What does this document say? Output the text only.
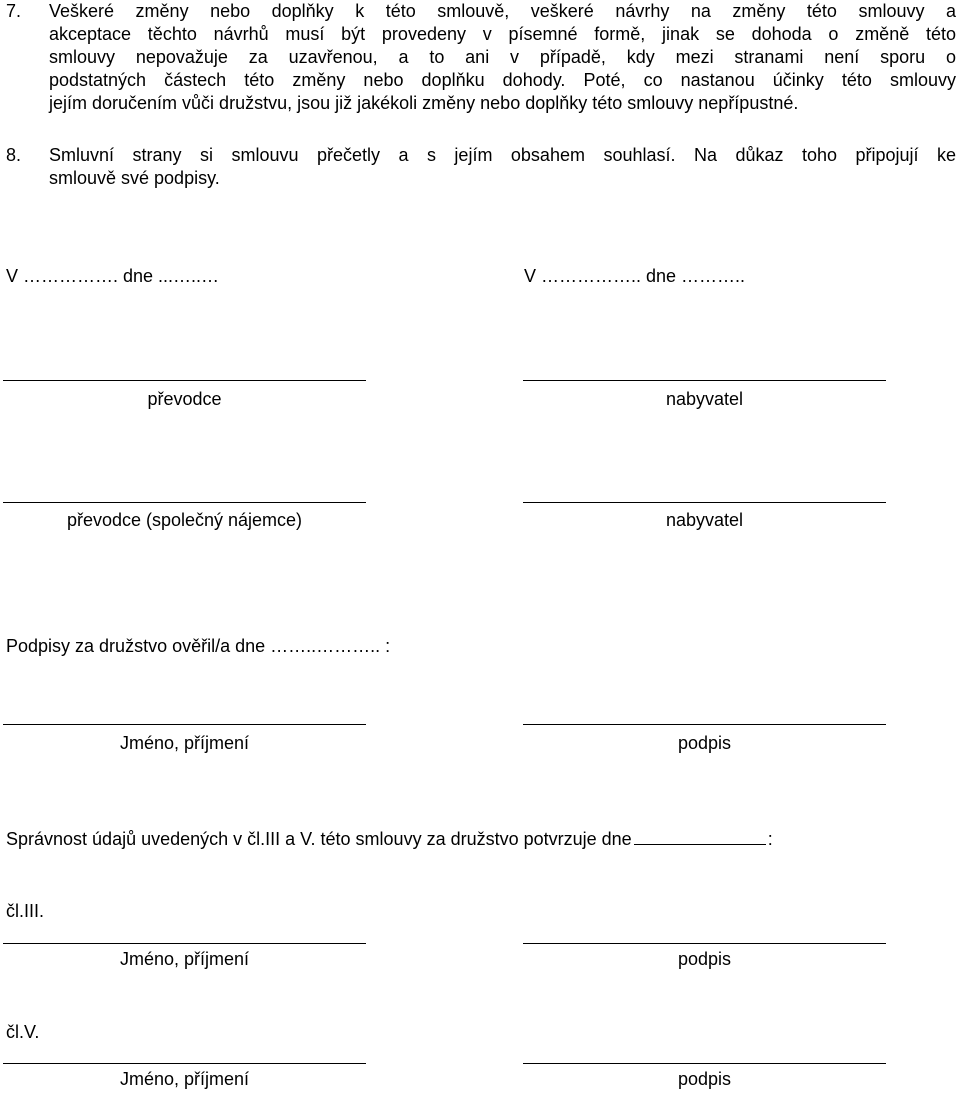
7. Veškeré změny nebo doplňky k této smlouvě, veškeré návrhy na změny této smlouvy a
akceptace těchto návrhů musí být provedeny v písemné formě, jinak se dohoda o změně této
smlouvy nepovažuje za uzavřenou, a to ani v případě, kdy mezi stranami není sporu o
podstatných částech této změny nebo doplňku dohody. Poté, co nastanou účinky této smlouvy
jejím doručením vůči družstvu, jsou již jakékoli změny nebo doplňky této smlouvy nepřípustné.
8. Smluvní strany si smlouvu přečetly a s jejím obsahem souhlasí. Na důkaz toho připojují ke
smlouvě své podpisy.
V ……………. dne ...…..…	V …………….. dne ………..
převodce	nabyvatel
převodce (společný nájemce)	nabyvatel
Podpisy za družstvo ověřil/a dne ……..……….. :
Jméno, příjmení	podpis
Správnost údajů uvedených v čl.III a V. této smlouvy za družstvo potvrzuje dne	:
čl.III.
Jméno, příjmení	podpis
čl.V.
Jméno, příjmení	podpis
